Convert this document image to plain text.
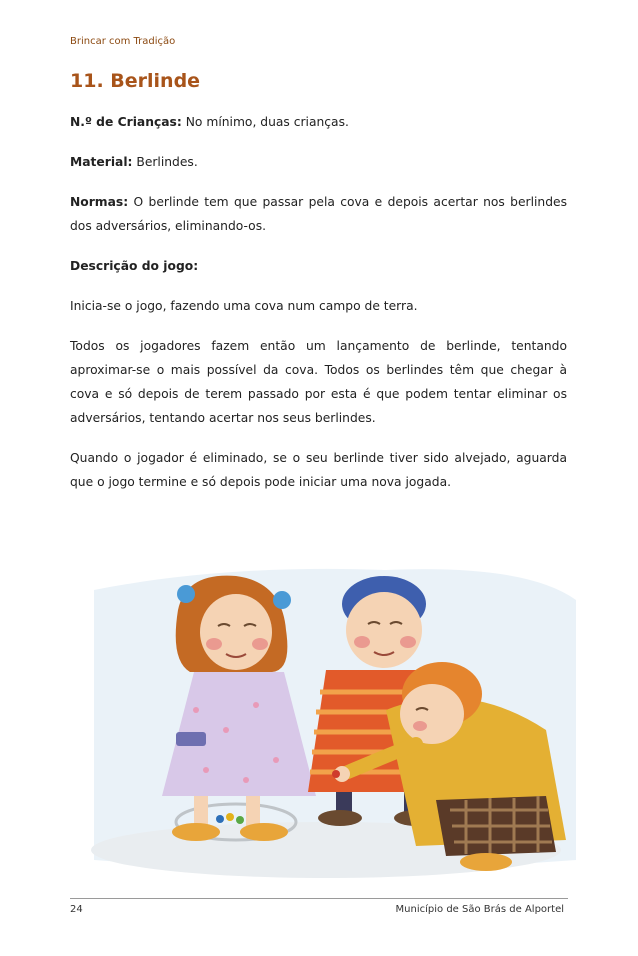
Brincar com Tradição
11. Berlinde

N.º de Crianças: No mínimo, duas crianças.

Material: Berlindes.

Normas: O berlinde tem que passar pela cova e depois acertar nos berlindes dos adversários, eliminando-os.

Descrição do jogo:

Inicia-se o jogo, fazendo uma cova num campo de terra.

Todos os jogadores fazem então um lançamento de berlinde, tentando aproximar-se o mais possível da cova. Todos os berlindes têm que chegar à cova e só depois de terem passado por esta é que podem tentar eliminar os adversários, tentando acertar nos seus berlindes.

Quando o jogador é eliminado, se o seu berlinde tiver sido alvejado, aguarda que o jogo termine e só depois pode iniciar uma nova jogada.

24	Município de São Brás de Alportel
